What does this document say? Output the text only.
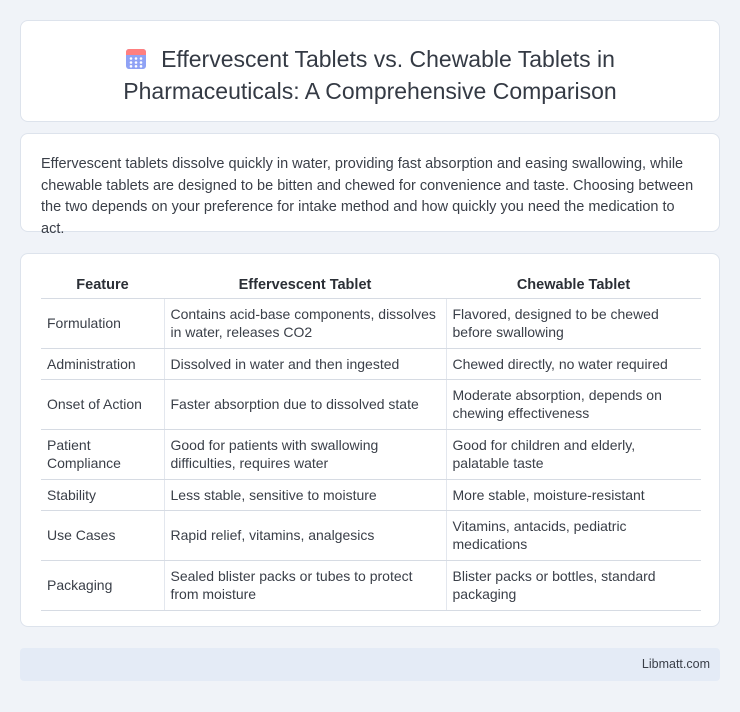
Effervescent Tablets vs. Chewable Tablets in
Pharmaceuticals: A Comprehensive Comparison

Effervescent tablets dissolve quickly in water, providing fast absorption and easing swallowing, while chewable tablets are designed to be bitten and chewed for convenience and taste. Choosing between the two depends on your preference for intake method and how quickly you need the medication to act.

Feature	Effervescent Tablet	Chewable Tablet
Formulation	Contains acid-base components, dissolves in water, releases CO2	Flavored, designed to be chewed before swallowing
Administration	Dissolved in water and then ingested	Chewed directly, no water required
Onset of Action	Faster absorption due to dissolved state	Moderate absorption, depends on chewing effectiveness
Patient Compliance	Good for patients with swallowing difficulties, requires water	Good for children and elderly, palatable taste
Stability	Less stable, sensitive to moisture	More stable, moisture-resistant
Use Cases	Rapid relief, vitamins, analgesics	Vitamins, antacids, pediatric medications
Packaging	Sealed blister packs or tubes to protect from moisture	Blister packs or bottles, standard packaging
Libmatt.com
